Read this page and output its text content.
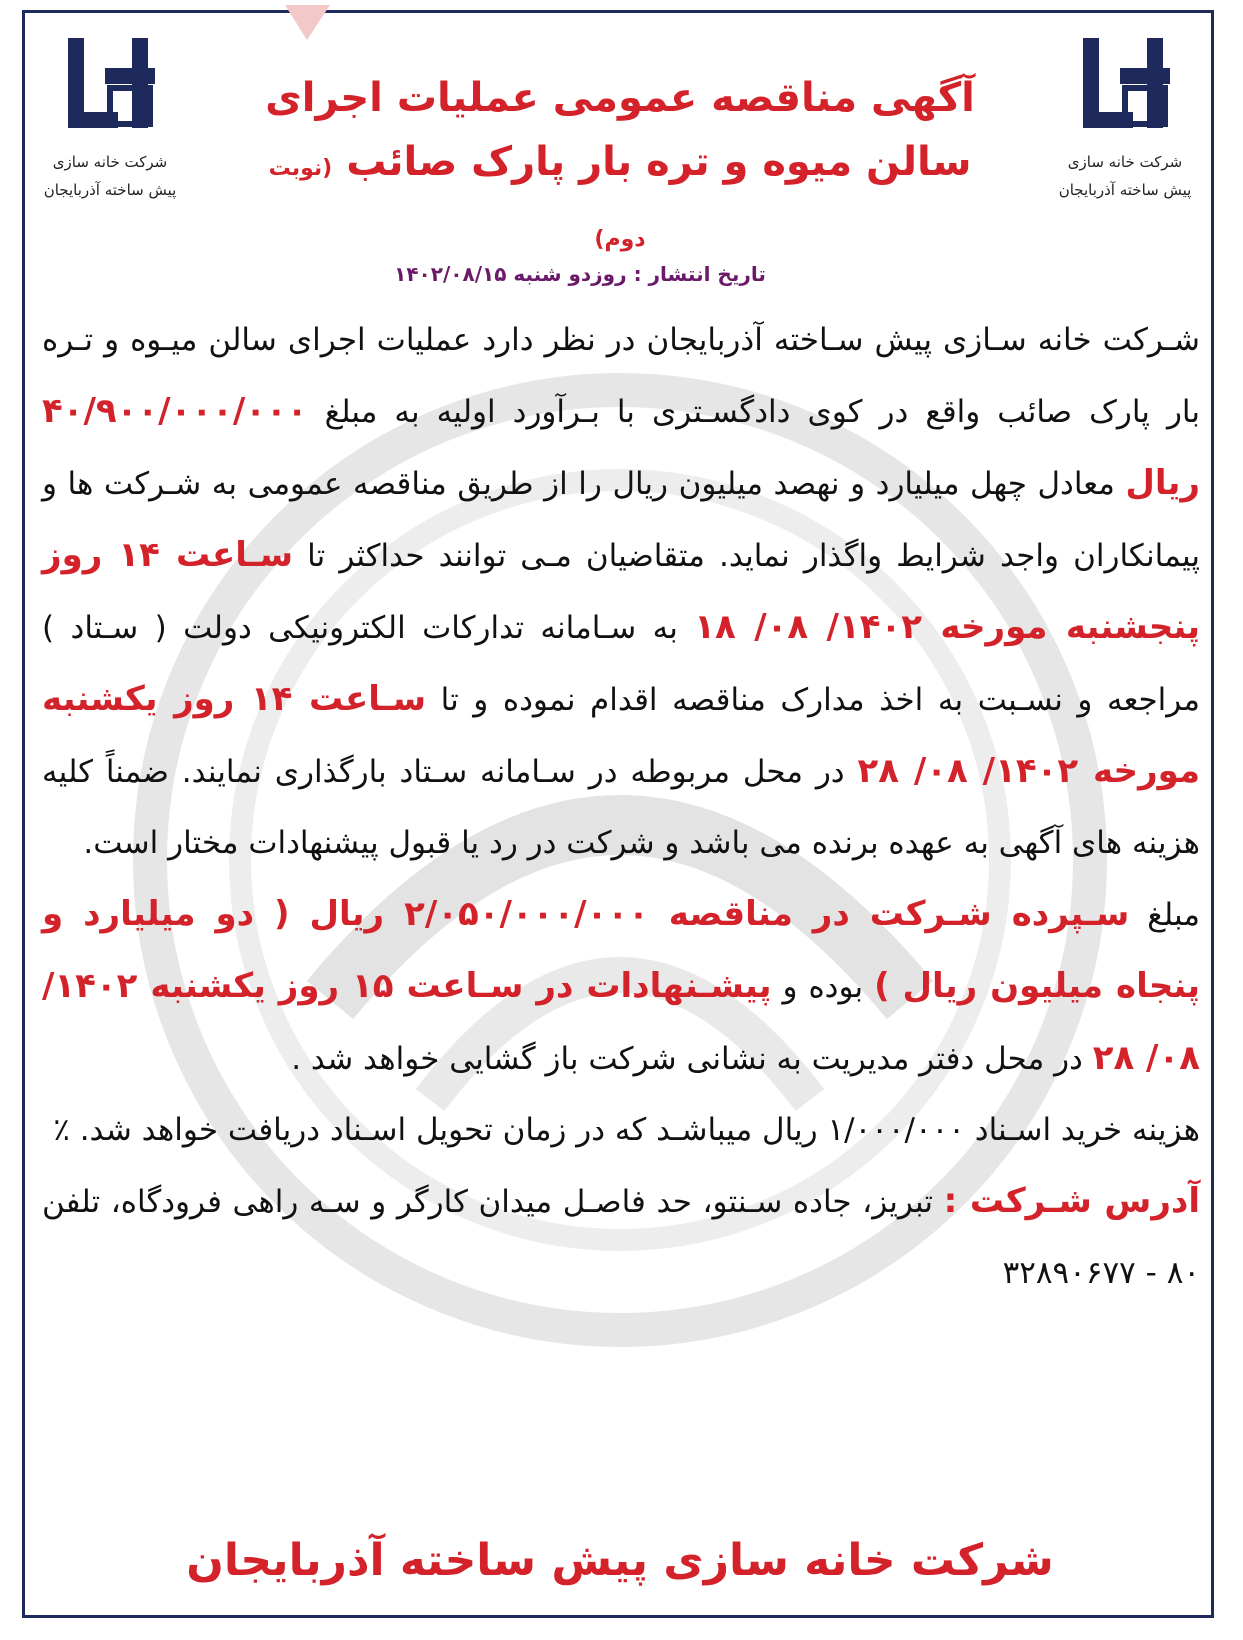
شرکت خانه سازی
پیش ساخته آذربایجان
شرکت خانه سازی
پیش ساخته آذربایجان
آگهی مناقصه عمومی عملیات اجرای
سالن میوه و تره بار پارک صائب (نوبت دوم)
تاریخ انتشار : روزدو شنبه ۱۴۰۲/۰۸/۱۵
شـرکت خانه سـازی پیش سـاخته آذربایجان در نظر دارد عملیات اجرای سالن میـوه و تـره بار پارک صائب واقع در کوی دادگسـتری با بـرآورد اولیه به مبلغ ۴۰/۹۰۰/۰۰۰/۰۰۰ ریال معادل چهل میلیارد و نهصد میلیون ریال را از طریق مناقصه عمومی به شـرکت ها و پیمانکاران واجد شرایط واگذار نماید. متقاضیان مـی توانند حداکثر تا سـاعت ۱۴ روز پنجشنبه مورخه ۱۴۰۲/ ۰۸/ ۱۸ به سـامانه تدارکات الکترونیکی دولت ( سـتاد ) مراجعه و نسـبت به اخذ مدارک مناقصه اقدام نموده و تا سـاعت ۱۴ روز یکشنبه مورخه ۱۴۰۲/ ۰۸/ ۲۸ در محل مربوطه در سـامانه سـتاد بارگذاری نمایند. ضمناً کلیه هزینه های آگهی به عهده برنده می باشد و شرکت در رد یا قبول پیشنهادات مختار است.
مبلغ سـپرده شـرکت در مناقصه ۲/۰۵۰/۰۰۰/۰۰۰ ریال ( دو میلیارد و پنجاه میلیون ریال ) بوده و پیشـنهادات در سـاعت ۱۵ روز یکشنبه ۱۴۰۲/ ۰۸/ ۲۸ در محل دفتر مدیریت به نشانی شرکت باز گشایی خواهد شد .
هزینه خرید اسـناد ۱/۰۰۰/۰۰۰ ریال میباشـد که در زمان تحویل اسـناد دریافت خواهد شد. ٪
آدرس شـرکت : تبریز، جاده سـنتو، حد فاصـل میدان کارگر و سـه راهی فرودگاه، تلفن ۸۰ - ۳۲۸۹۰۶۷۷
شرکت خانه سازی پیش ساخته آذربایجان
